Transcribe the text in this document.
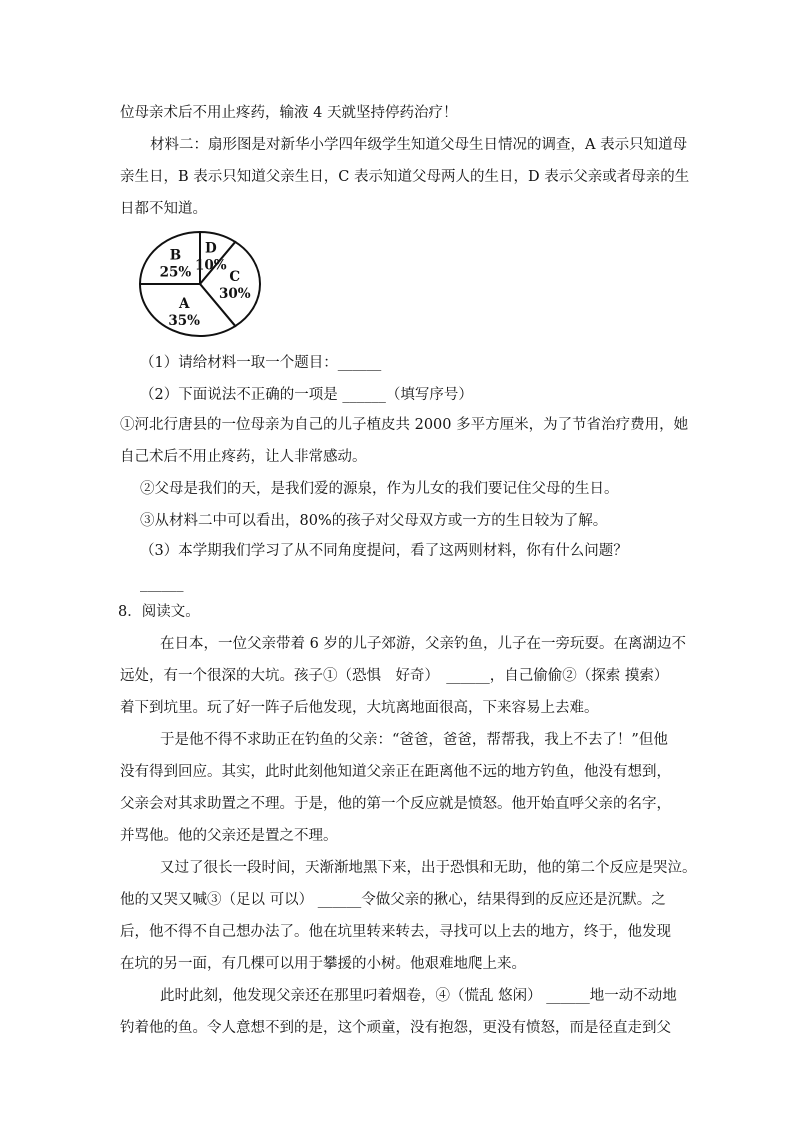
位母亲术后不用止疼药，输液 4 天就坚持停药治疗！
材料二：扇形图是对新华小学四年级学生知道父母生日情况的调查，A 表示只知道母
亲生日，B 表示只知道父亲生日，C 表示知道父母两人的生日，D 表示父亲或者母亲的生
日都不知道。
（1）请给材料一取一个题目：______
（2）下面说法不正确的一项是 ______（填写序号）
①河北行唐县的一位母亲为自己的儿子植皮共 2000 多平方厘米，为了节省治疗费用，她
自己术后不用止疼药，让人非常感动。
②父母是我们的天，是我们爱的源泉，作为儿女的我们要记住父母的生日。
③从材料二中可以看出，80%的孩子对父母双方或一方的生日较为了解。
（3）本学期我们学习了从不同角度提问，看了这两则材料，你有什么问题？
______
8．阅读文。
在日本，一位父亲带着 6 岁的儿子郊游，父亲钓鱼，儿子在一旁玩耍。在离湖边不
远处，有一个很深的大坑。孩子①（恐惧　好奇）　______，自己偷偷②（探索 摸索）
着下到坑里。玩了好一阵子后他发现，大坑离地面很高，下来容易上去难。
于是他不得不求助正在钓鱼的父亲：“爸爸，爸爸，帮帮我，我上不去了！”但他
没有得到回应。其实，此时此刻他知道父亲正在距离他不远的地方钓鱼，他没有想到，
父亲会对其求助置之不理。于是，他的第一个反应就是愤怒。他开始直呼父亲的名字，
并骂他。他的父亲还是置之不理。
又过了很长一段时间，天渐渐地黑下来，出于恐惧和无助，他的第二个反应是哭泣。
他的又哭又喊③（足以 可以） ______令做父亲的揪心，结果得到的反应还是沉默。之
后，他不得不自己想办法了。他在坑里转来转去，寻找可以上去的地方，终于，他发现
在坑的另一面，有几棵可以用于攀援的小树。他艰难地爬上来。
此时此刻，他发现父亲还在那里叼着烟卷，④（慌乱 悠闲） ______地一动不动地
钓着他的鱼。令人意想不到的是，这个顽童，没有抱怨，更没有愤怒，而是径直走到父
D
10%
C
30%
A
35%
B
25%
